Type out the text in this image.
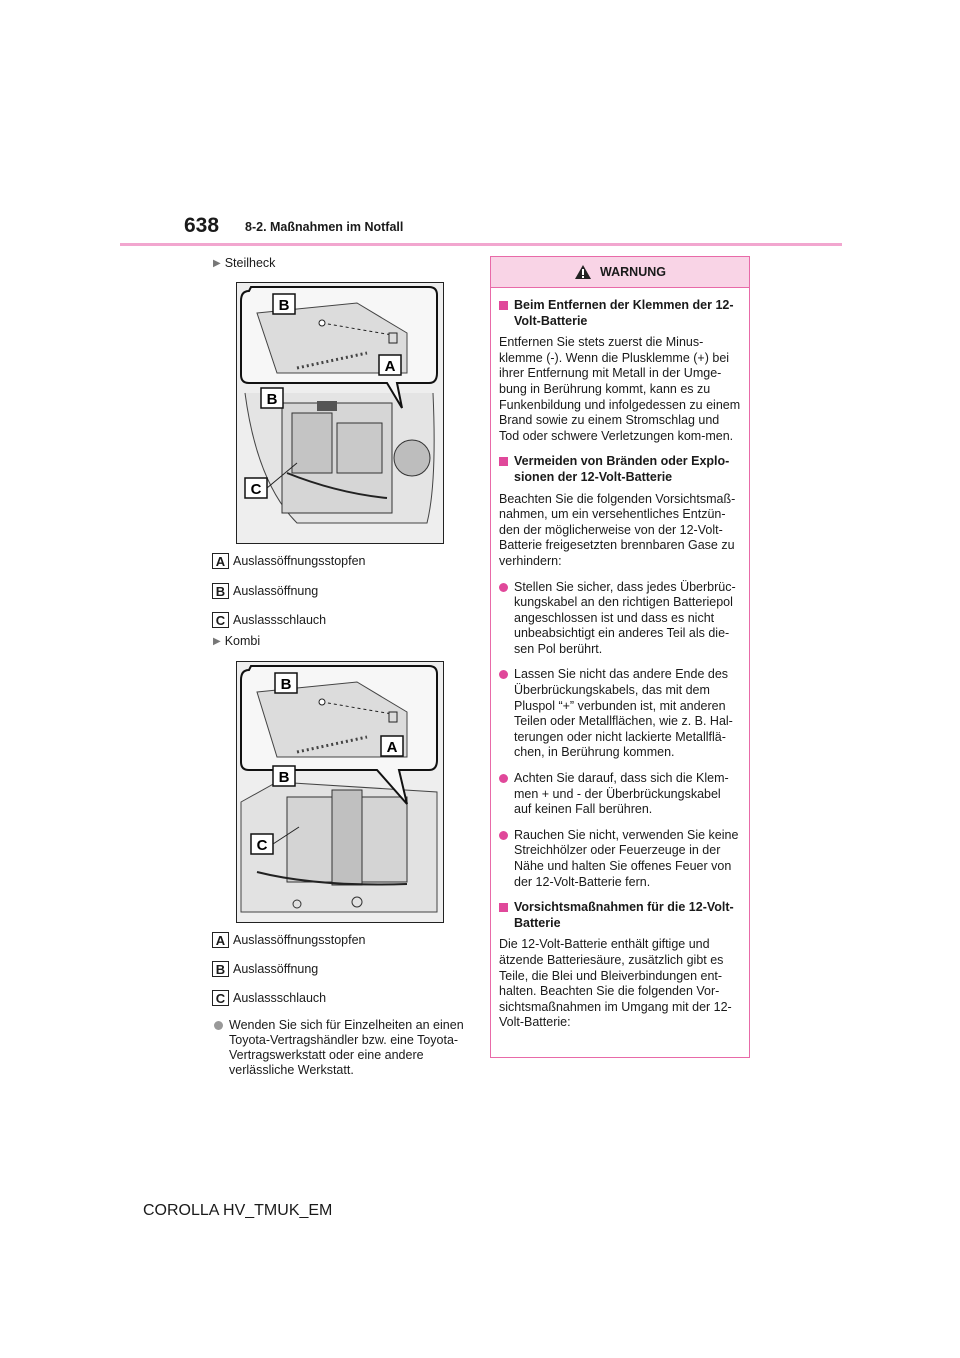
638 8-2. Maßnahmen im Notfall
▶ Steilheck
B
A
B
C
A Auslassöffnungsstopfen
B Auslassöffnung
C Auslassschlauch
▶ Kombi
B
A
B
C
A Auslassöffnungsstopfen
B Auslassöffnung
C Auslassschlauch
Wenden Sie sich für Einzelheiten an einen Toyota-Vertragshändler bzw. eine Toyota-Vertragswerkstatt oder eine andere verlässliche Werkstatt.
WARNUNG
Beim Entfernen der Klemmen der 12-Volt-Batterie
Entfernen Sie stets zuerst die Minus-klemme (-). Wenn die Plusklemme (+) bei ihrer Entfernung mit Metall in der Umge-bung in Berührung kommt, kann es zu Funkenbildung und infolgedessen zu einem Brand sowie zu einem Stromschlag und Tod oder schwere Verletzungen kom-men.
Vermeiden von Bränden oder Explo-sionen der 12-Volt-Batterie
Beachten Sie die folgenden Vorsichtsmaß-nahmen, um ein versehentliches Entzün-den der möglicherweise von der 12-Volt-Batterie freigesetzten brennbaren Gase zu verhindern:
Stellen Sie sicher, dass jedes Überbrüc-kungskabel an den richtigen Batteriepol angeschlossen ist und dass es nicht unbeabsichtigt ein anderes Teil als die-sen Pol berührt.
Lassen Sie nicht das andere Ende des Überbrückungskabels, das mit dem Pluspol “+” verbunden ist, mit anderen Teilen oder Metallflächen, wie z. B. Hal-terungen oder nicht lackierte Metallflä-chen, in Berührung kommen.
Achten Sie darauf, dass sich die Klem-men + und - der Überbrückungskabel auf keinen Fall berühren.
Rauchen Sie nicht, verwenden Sie keine Streichhölzer oder Feuerzeuge in der Nähe und halten Sie offenes Feuer von der 12-Volt-Batterie fern.
Vorsichtsmaßnahmen für die 12-Volt-Batterie
Die 12-Volt-Batterie enthält giftige und ätzende Batteriesäure, zusätzlich gibt es Teile, die Blei und Bleiverbindungen ent-halten. Beachten Sie die folgenden Vor-sichtsmaßnahmen im Umgang mit der 12-Volt-Batterie:
COROLLA HV_TMUK_EM
